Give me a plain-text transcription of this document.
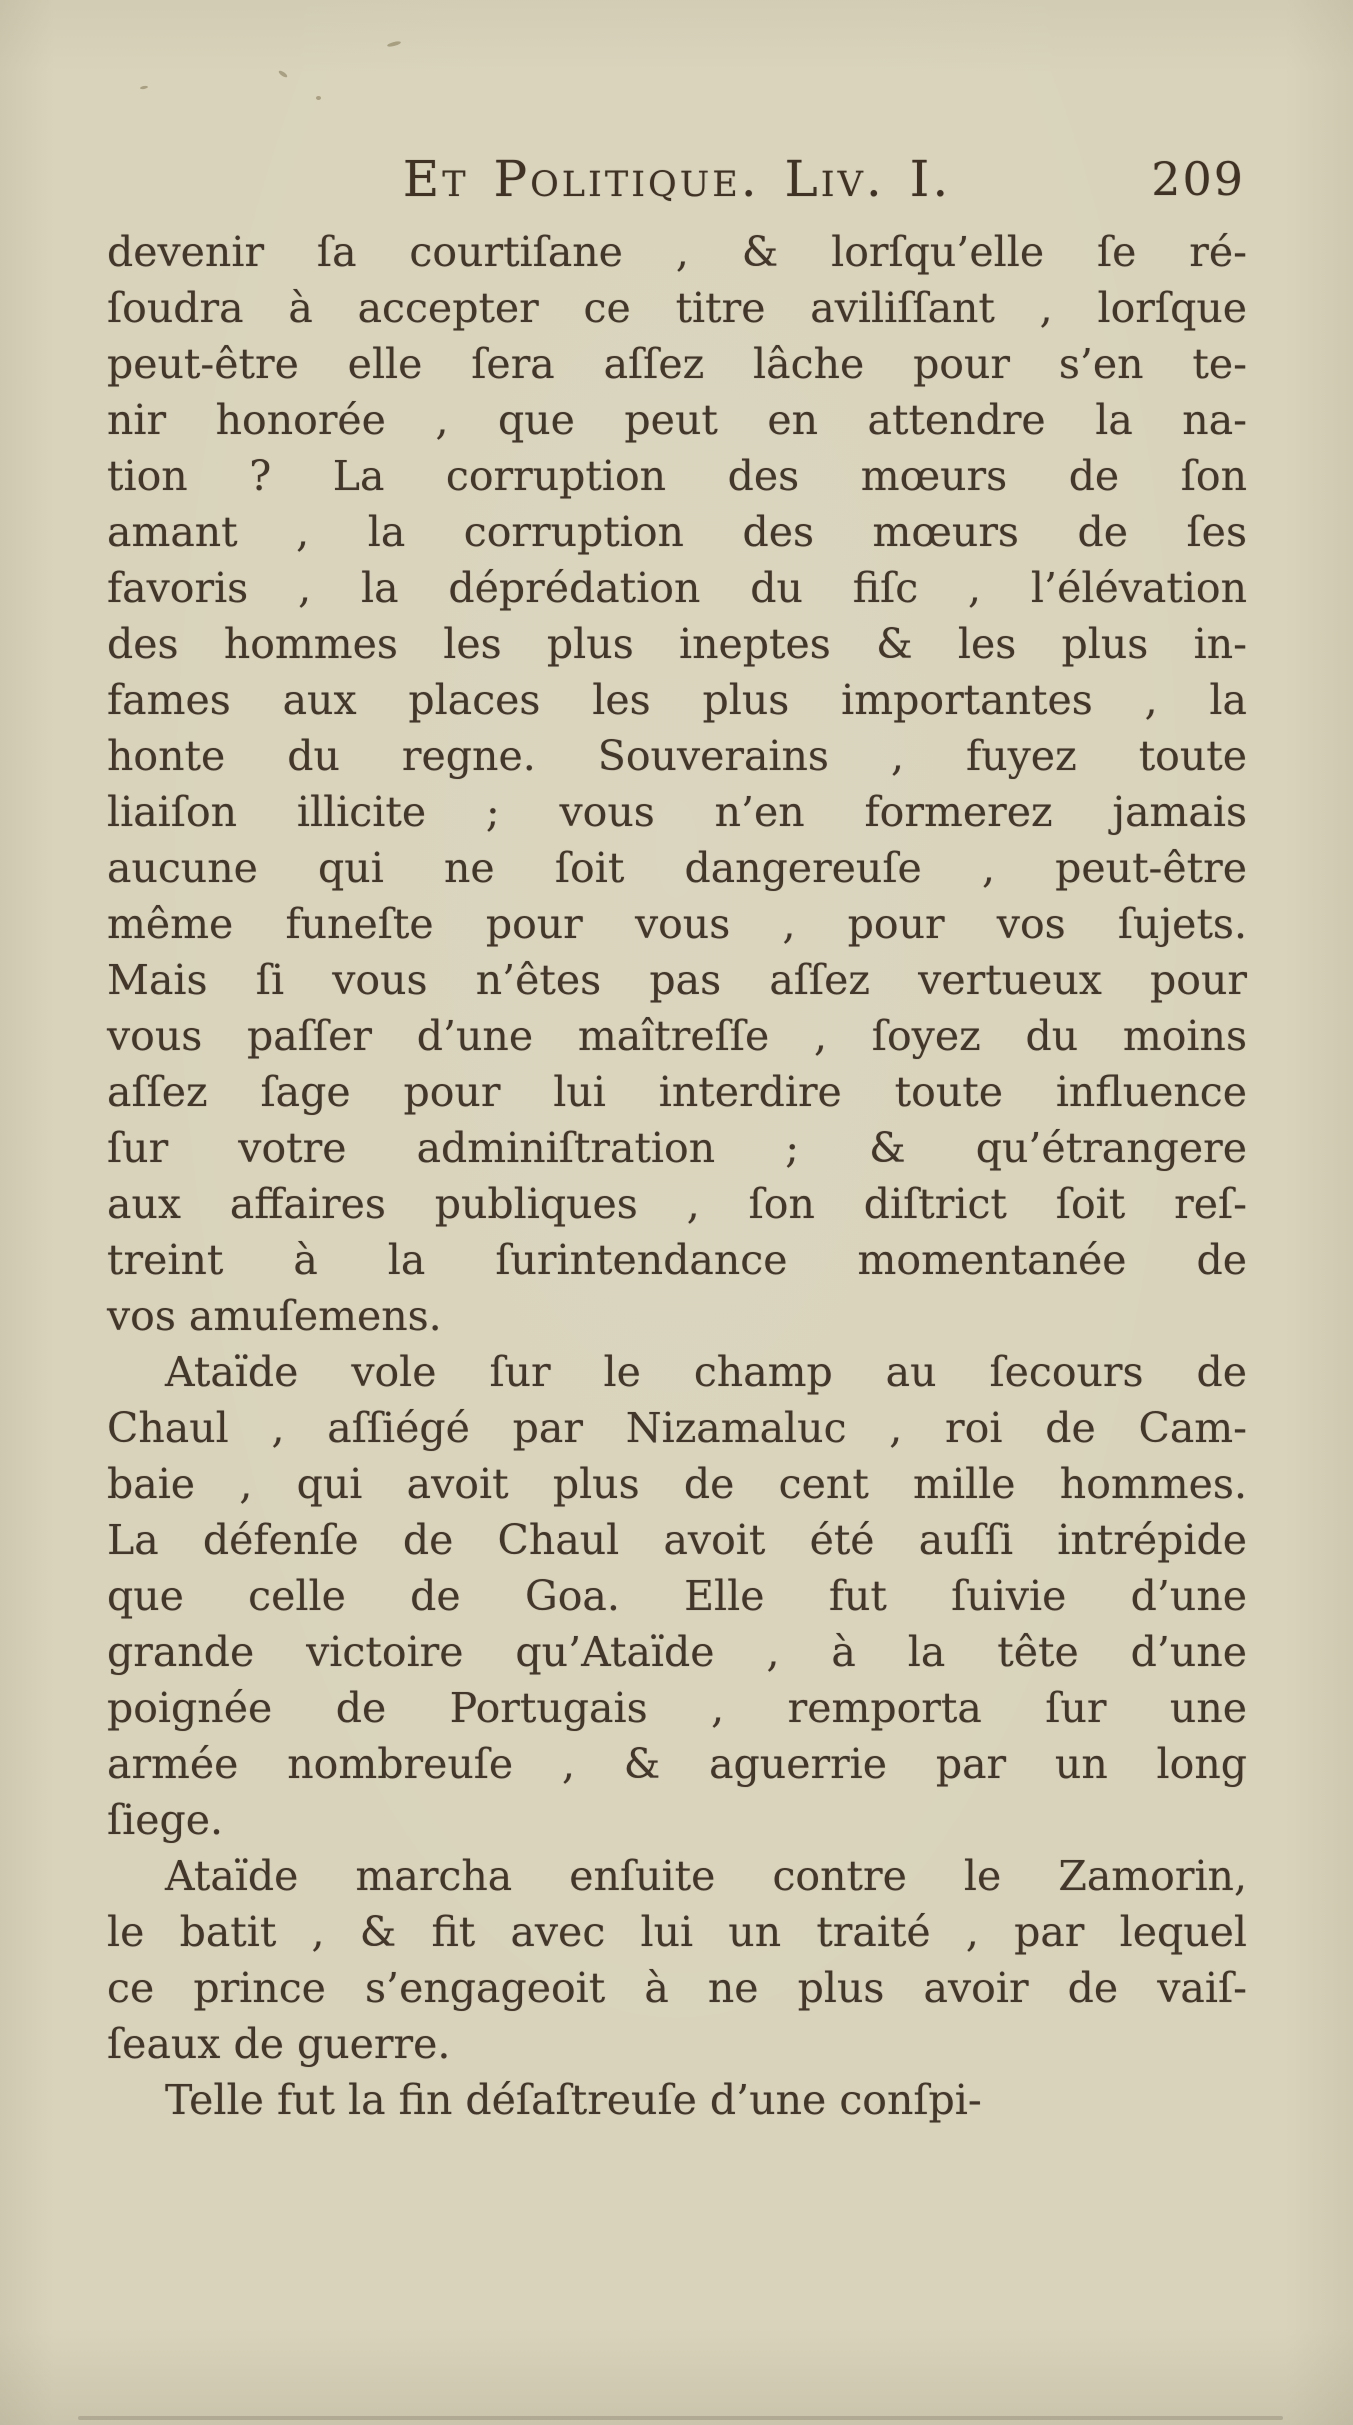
Et Politique. Liv. I.	209
devenir ſa courtiſane , & lorſqu’elle ſe ré-
ſoudra à accepter ce titre aviliſſant , lorſque
peut-être elle ſera aſſez lâche pour s’en te-
nir honorée , que peut en attendre la na-
tion ? La corruption des mœurs de ſon
amant , la corruption des mœurs de ſes
favoris , la déprédation du fiſc , l’élévation
des hommes les plus ineptes & les plus in-
fames aux places les plus importantes , la
honte du regne. Souverains , fuyez toute
liaiſon illicite ; vous n’en formerez jamais
aucune qui ne ſoit dangereuſe , peut-être
même funeſte pour vous , pour vos ſujets.
Mais ſi vous n’êtes pas aſſez vertueux pour
vous paſſer d’une maîtreſſe , ſoyez du moins
aſſez ſage pour lui interdire toute influence
ſur votre adminiſtration ; & qu’étrangere
aux affaires publiques , ſon diſtrict ſoit reſ-
treint à la ſurintendance momentanée de
vos amuſemens.
Ataïde vole ſur le champ au ſecours de
Chaul , aſſiégé par Nizamaluc , roi de Cam-
baie , qui avoit plus de cent mille hommes.
La défenſe de Chaul avoit été auſſi intrépide
que celle de Goa. Elle fut ſuivie d’une
grande victoire qu’Ataïde , à la tête d’une
poignée de Portugais , remporta ſur une
armée nombreuſe , & aguerrie par un long
ſiege.
Ataïde marcha enſuite contre le Zamorin,
le batit , & fit avec lui un traité , par lequel
ce prince s’engageoit à ne plus avoir de vaiſ-
ſeaux de guerre.
Telle fut la fin déſaſtreuſe d’une conſpi-
